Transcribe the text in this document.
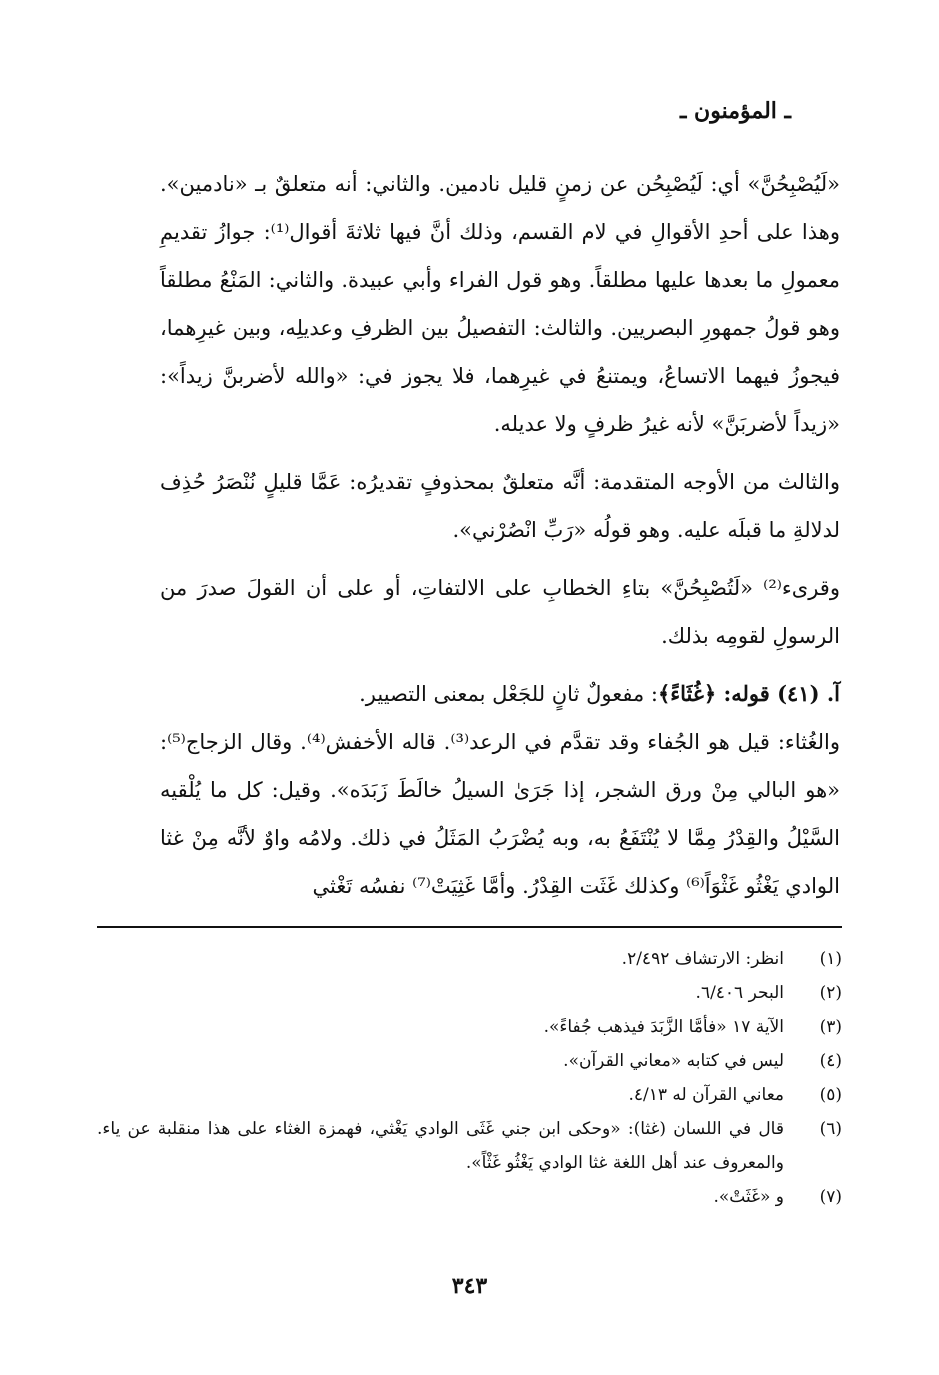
ـ المؤمنون ـ

«لَيُصْبِحُنَّ» أي: لَيُصْبِحُن عن زمنٍ قليل نادمين. والثاني: أنه متعلقٌ بـ «نادمين». وهذا على أحدِ الأقوالِ في لام القسم، وذلك أنَّ فيها ثلاثةَ أقوال⁽¹⁾: جوازُ تقديمِ معمولِ ما بعدها عليها مطلقاً. وهو قول الفراء وأبي عبيدة. والثاني: المَنْعُ مطلقاً وهو قولُ جمهورِ البصريين. والثالث: التفصيلُ بين الظرفِ وعديلِه، وبين غيرِهما، فيجوزُ فيهما الاتساعُ، ويمتنعُ في غيرِهما، فلا يجوز في: «والله لأضربنَّ زيداً»: «زيداً لأضربَنَّ» لأنه غيرُ ظرفٍ ولا عديله.

والثالث من الأوجه المتقدمة: أنَّه متعلقٌ بمحذوفٍ تقديرُه: عَمَّا قليلٍ نُنْصَرُ حُذِف لدلالةِ ما قبلَه عليه. وهو قولُه «رَبِّ انْصُرْني».

وقرىء⁽²⁾ «لَتُصْبِحُنَّ» بتاءِ الخطابِ على الالتفاتِ، أو على أن القولَ صدرَ من الرسولِ لقومِه بذلك.

آ. (٤١) قوله: ﴿غُثَاءً﴾: مفعولٌ ثانٍ للجَعْل بمعنى التصيير.

والغُثاء: قيل هو الجُفاء وقد تقدَّم في الرعد⁽³⁾. قاله الأخفش⁽⁴⁾. وقال الزجاج⁽⁵⁾: «هو البالي مِنْ ورق الشجر، إذا جَرَىٰ السيلُ خالَطَ زَبَدَه». وقيل: كل ما يُلْقيه السَّيْلُ والقِدْرُ مِمَّا لا يُنْتَفَعُ به، وبه يُضْرَبُ المَثَلُ في ذلك. ولامُه واوٌ لأنَّه مِنْ غثا الوادي يَغْثُو غَثْوَاً⁽⁶⁾ وكذلك غَثَت القِدْرُ. وأمَّا غَثِيَتْ⁽⁷⁾ نفسُه تَغْثي

(١)
انظر: الارتشاف ٢/٤٩٢.
(٢)
البحر ٦/٤٠٦.
(٣)
الآية ١٧ «فأمَّا الزَّبَدَ فيذهب جُفاءً».
(٤)
ليس في كتابه «معاني القرآن».
(٥)
معاني القرآن له ٤/١٣.
(٦)
قال في اللسان (غثا): «وحكى ابن جني غَثَى الوادي يَغْثي، فهمزة الغثاء على هذا منقلبة عن ياء. والمعروف عند أهل اللغة غثا الوادي يَغْثُو غَثْاً».
(٧)
و «غَثَتْ».
٣٤٣
